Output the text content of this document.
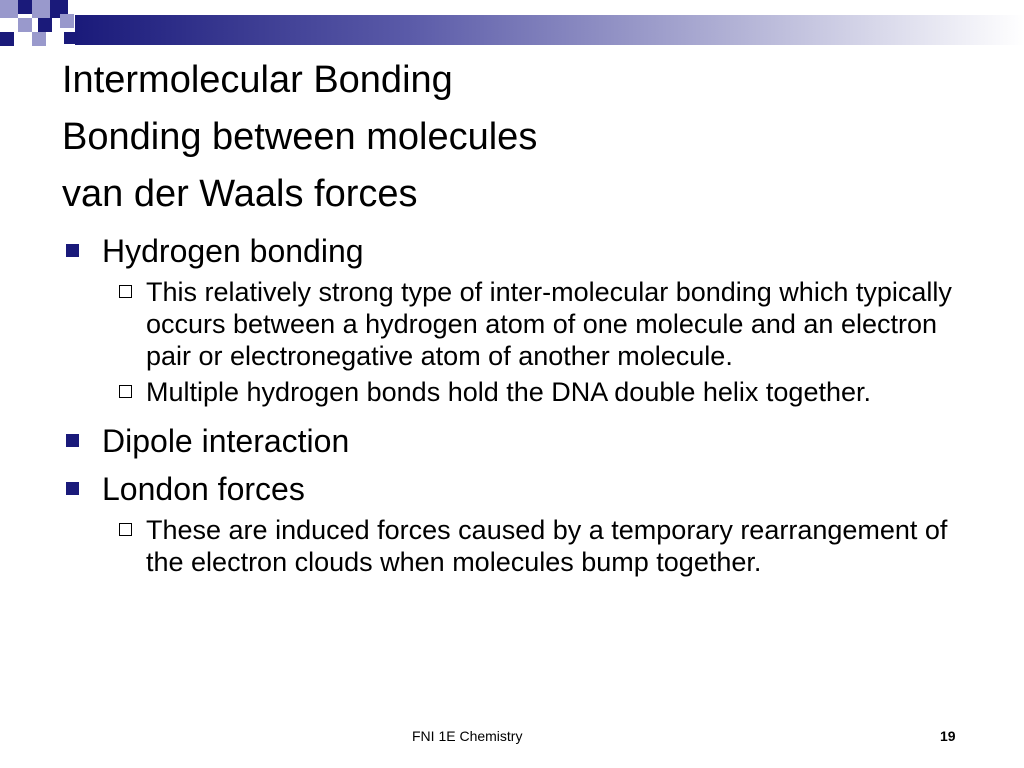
Intermolecular Bonding
Bonding between molecules
van der Waals forces
Hydrogen bonding
This relatively strong type of inter-molecular bonding which typically occurs between a hydrogen atom of one molecule and an electron pair or electronegative atom of another molecule.
Multiple hydrogen bonds hold the DNA double helix together.
Dipole interaction
London forces
These are induced forces caused by a temporary rearrangement of the electron clouds when molecules bump together.
FNI 1E Chemistry	19
